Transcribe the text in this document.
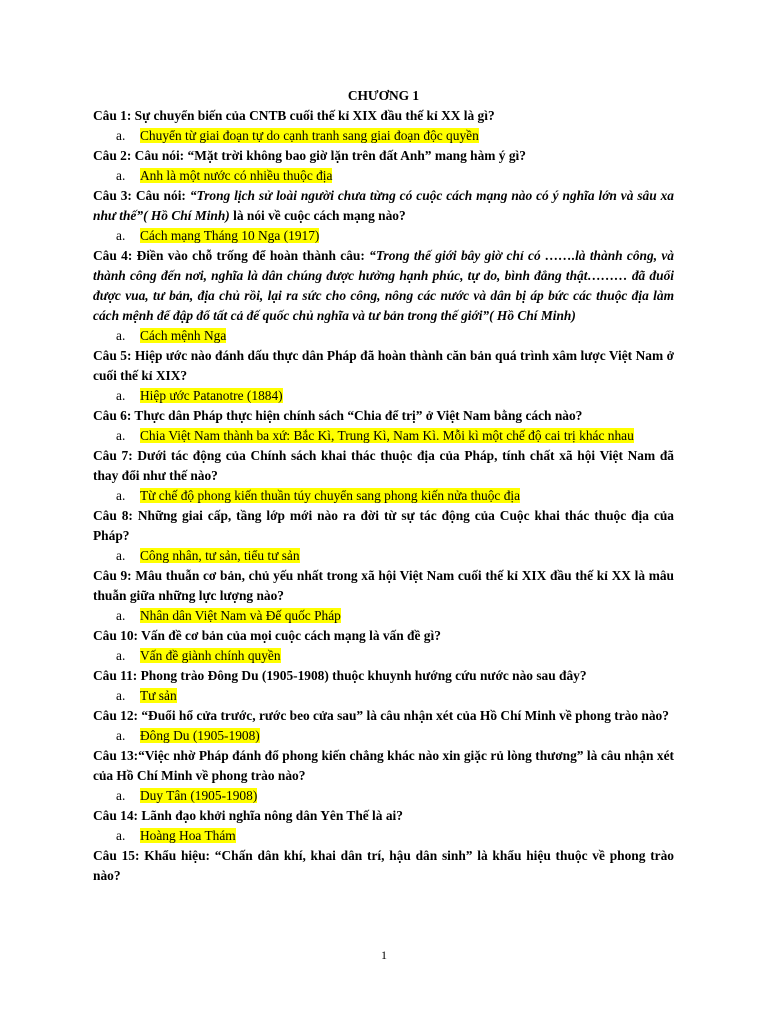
CHƯƠNG 1

Câu 1: Sự chuyển biến của CNTB cuối thế kỉ XIX đầu thế kỉ XX là gì?

a. Chuyển từ giai đoạn tự do cạnh tranh sang giai đoạn độc quyền

Câu 2: Câu nói: “Mặt trời không bao giờ lặn trên đất Anh” mang hàm ý gì?

a. Anh là một nước có nhiều thuộc địa

Câu 3: Câu nói: “Trong lịch sử loài người chưa từng có cuộc cách mạng nào có ý nghĩa lớn và sâu xa như thế”( Hồ Chí Minh) là nói về cuộc cách mạng nào?

a. Cách mạng Tháng 10 Nga (1917)

Câu 4: Điền vào chỗ trống để hoàn thành câu: “Trong thế giới bây giờ chỉ có …….là thành công, và thành công đến nơi, nghĩa là dân chúng được hưởng hạnh phúc, tự do, bình đẳng thật……… đã đuổi được vua, tư bản, địa chủ rồi, lại ra sức cho công, nông các nước và dân bị áp bức các thuộc địa làm cách mệnh để đập đổ tất cả đế quốc chủ nghĩa và tư bản trong thế giới”( Hồ Chí Minh)

a. Cách mệnh Nga

Câu 5: Hiệp ước nào đánh dấu thực dân Pháp đã hoàn thành căn bản quá trình xâm lược Việt Nam ở cuối thế kỉ XIX?

a. Hiệp ước Patanotre (1884)

Câu 6: Thực dân Pháp thực hiện chính sách “Chia để trị” ở Việt Nam bằng cách nào?

a. Chia Việt Nam thành ba xứ: Bắc Kì, Trung Kì, Nam Kì. Mỗi kì một chế độ cai trị khác nhau

Câu 7: Dưới tác động của Chính sách khai thác thuộc địa của Pháp, tính chất xã hội Việt Nam đã thay đổi như thế nào?

a. Từ chế độ phong kiến thuần túy chuyển sang phong kiến nửa thuộc địa

Câu 8: Những giai cấp, tầng lớp mới nào ra đời từ sự tác động của Cuộc khai thác thuộc địa của Pháp?

a. Công nhân, tư sản, tiểu tư sản

Câu 9: Mâu thuẫn cơ bản, chủ yếu nhất trong xã hội Việt Nam cuối thế kỉ XIX đầu thế kỉ XX là mâu thuẫn giữa những lực lượng nào?

a. Nhân dân Việt Nam và Đế quốc Pháp

Câu 10: Vấn đề cơ bản của mọi cuộc cách mạng là vấn đề gì?

a. Vấn đề giành chính quyền

Câu 11: Phong trào Đông Du (1905-1908) thuộc khuynh hướng cứu nước nào sau đây?

a. Tư sản

Câu 12: “Đuổi hổ cửa trước, rước beo cửa sau” là câu nhận xét của Hồ Chí Minh về phong trào nào?

a. Đông Du (1905-1908)

Câu 13:“Việc nhờ Pháp đánh đổ phong kiến chẳng khác nào xin giặc rủ lòng thương” là câu nhận xét của Hồ Chí Minh về phong trào nào?

a. Duy Tân (1905-1908)

Câu 14: Lãnh đạo khởi nghĩa nông dân Yên Thế là ai?

a. Hoàng Hoa Thám

Câu 15: Khẩu hiệu: “Chấn dân khí, khai dân trí, hậu dân sinh” là khẩu hiệu thuộc về phong trào nào?

1
